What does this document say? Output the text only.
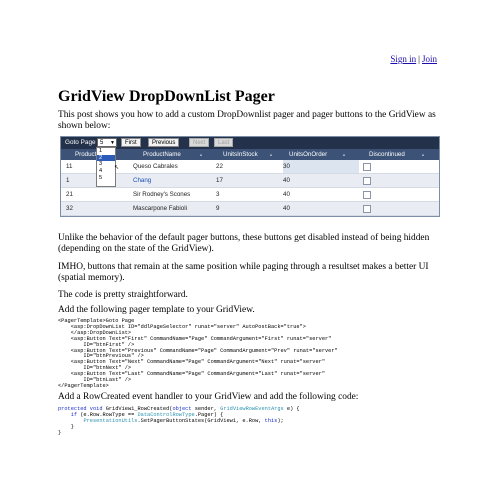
Sign in | Join
GridView DropDownList Pager

This post shows you how to add a custom DropDownlist pager and pager buttons to the GridView as shown below:

Goto Page 5 ▼	First	Previous	Next	Last
Product	ProductName	▲	UnitsInStock	▲	UnitsOnOrder	▲	Discontinued	▲
11	Queso Cabrales	22	30
1	Chang	17	40
21	Sir Rodney's Scones	3	40
32	Mascarpone Fabioli	9	40
1
2
3
4
5
↖

Unlike the behavior of the default pager buttons, these buttons get disabled instead of being hidden (depending on the state of the GridView).

IMHO, buttons that remain at the same position while paging through a resultset makes a better UI (spatial memory).

The code is pretty straightforward.

Add the following pager template to your GridView.

<PagerTemplate>Goto Page
<asp:DropDownList ID="ddlPageSelector" runat="server" AutoPostBack="true">
</asp:DropDownList>
<asp:Button Text="First" CommandName="Page" CommandArgument="First" runat="server"
ID="btnFirst" />
<asp:Button Text="Previous" CommandName="Page" CommandArgument="Prev" runat="server"
ID="btnPrevious" />
<asp:Button Text="Next" CommandName="Page" CommandArgument="Next" runat="server"
ID="btnNext" />
<asp:Button Text="Last" CommandName="Page" CommandArgument="Last" runat="server"
ID="btnLast" />
</PagerTemplate>

Add a RowCreated event handler to your GridView and add the following code:

protected void GridView1_RowCreated(object sender, GridViewRowEventArgs e) {
if (e.Row.RowType == DataControlRowType.Pager) {
PresentationUtils.SetPagerButtonStates(GridView1, e.Row, this);
}
}
